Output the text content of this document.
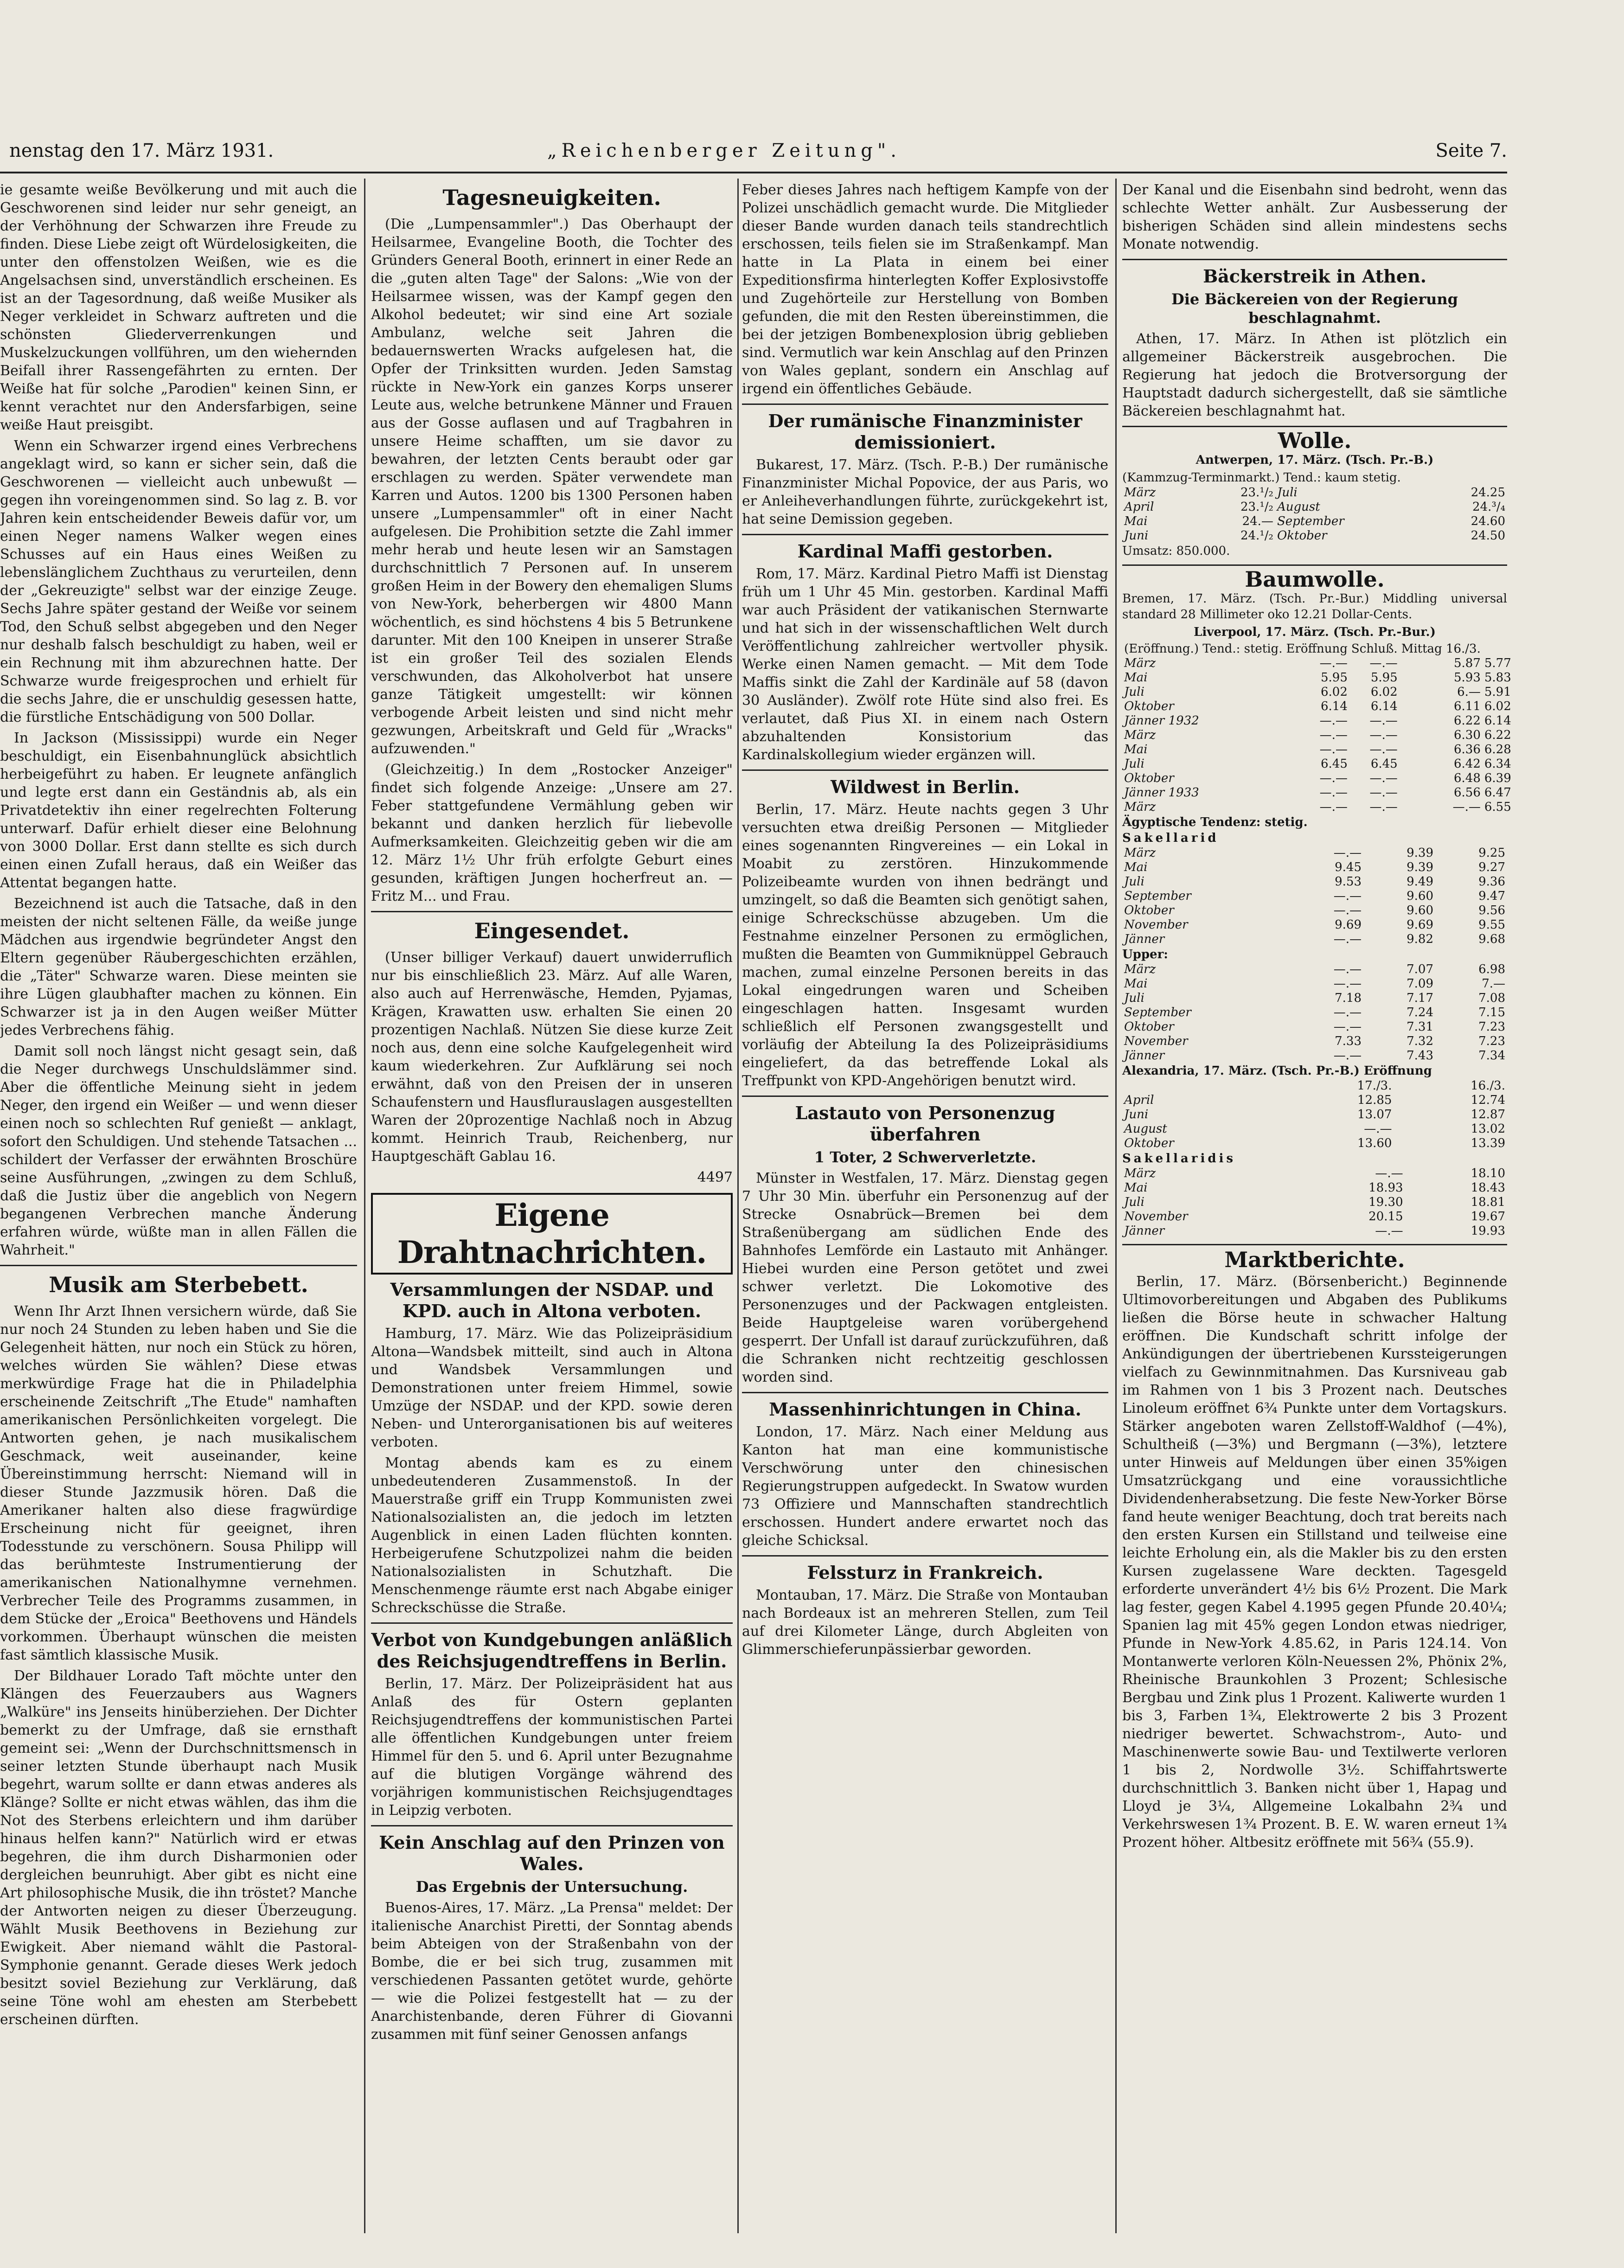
nenstag den 17. März 1931.	„Reichenberger Zeitung".	Seite 7.

ie gesamte weiße Bevölkerung und mit auch die Geschworenen sind leider nur sehr geneigt, an der Verhöhnung der Schwarzen ihre Freude zu finden. Diese Liebe zeigt oft Würdelosigkeiten, die unter den offenstolzen Weißen, wie es die Angelsachsen sind, unverständlich erscheinen. Es ist an der Tagesordnung, daß weiße Musiker als Neger verkleidet in Schwarz auftreten und die schönsten Gliederverrenkungen und Muskelzuckungen vollführen, um den wiehernden Beifall ihrer Rassengefährten zu ernten. Der Weiße hat für solche „Parodien" keinen Sinn, er kennt verachtet nur den Andersfarbigen, seine weiße Haut preisgibt.

Wenn ein Schwarzer irgend eines Verbrechens angeklagt wird, so kann er sicher sein, daß die Geschworenen — vielleicht auch unbewußt — gegen ihn voreingenommen sind. So lag z. B. vor Jahren kein entscheidender Beweis dafür vor, um einen Neger namens Walker wegen eines Schusses auf ein Haus eines Weißen zu lebenslänglichem Zuchthaus zu verurteilen, denn der „Gekreuzigte" selbst war der einzige Zeuge. Sechs Jahre später gestand der Weiße vor seinem Tod, den Schuß selbst abgegeben und den Neger nur deshalb falsch beschuldigt zu haben, weil er ein Rechnung mit ihm abzurechnen hatte. Der Schwarze wurde freigesprochen und erhielt für die sechs Jahre, die er unschuldig gesessen hatte, die fürstliche Entschädigung von 500 Dollar.

In Jackson (Mississippi) wurde ein Neger beschuldigt, ein Eisenbahnunglück absichtlich herbeigeführt zu haben. Er leugnete anfänglich und legte erst dann ein Geständnis ab, als ein Privatdetektiv ihn einer regelrechten Folterung unterwarf. Dafür erhielt dieser eine Belohnung von 3000 Dollar. Erst dann stellte es sich durch einen einen Zufall heraus, daß ein Weißer das Attentat begangen hatte.

Bezeichnend ist auch die Tatsache, daß in den meisten der nicht seltenen Fälle, da weiße junge Mädchen aus irgendwie begründeter Angst den Eltern gegenüber Räubergeschichten erzählen, die „Täter" Schwarze waren. Diese meinten sie ihre Lügen glaubhafter machen zu können. Ein Schwarzer ist ja in den Augen weißer Mütter jedes Verbrechens fähig.

Damit soll noch längst nicht gesagt sein, daß die Neger durchwegs Unschuldslämmer sind. Aber die öffentliche Meinung sieht in jedem Neger, den irgend ein Weißer — und wenn dieser einen noch so schlechten Ruf genießt — anklagt, sofort den Schuldigen. Und stehende Tatsachen ... schildert der Verfasser der erwähnten Broschüre seine Ausführungen, „zwingen zu dem Schluß, daß die Justiz über die angeblich von Negern begangenen Verbrechen manche Änderung erfahren würde, wüßte man in allen Fällen die Wahrheit."

Musik am Sterbebett.

Wenn Ihr Arzt Ihnen versichern würde, daß Sie nur noch 24 Stunden zu leben haben und Sie die Gelegenheit hätten, nur noch ein Stück zu hören, welches würden Sie wählen? Diese etwas merkwürdige Frage hat die in Philadelphia erscheinende Zeitschrift „The Etude" namhaften amerikanischen Persönlichkeiten vorgelegt. Die Antworten gehen, je nach musikalischem Geschmack, weit auseinander, keine Übereinstimmung herrscht: Niemand will in dieser Stunde Jazzmusik hören. Daß die Amerikaner halten also diese fragwürdige Erscheinung nicht für geeignet, ihren Todesstunde zu verschönern. Sousa Philipp will das berühmteste Instrumentierung der amerikanischen Nationalhymne vernehmen. Verbrecher Teile des Programms zusammen, in dem Stücke der „Eroica" Beethovens und Händels vorkommen. Überhaupt wünschen die meisten fast sämtlich klassische Musik.

Der Bildhauer Lorado Taft möchte unter den Klängen des Feuerzaubers aus Wagners „Walküre" ins Jenseits hinüberziehen. Der Dichter bemerkt zu der Umfrage, daß sie ernsthaft gemeint sei: „Wenn der Durchschnittsmensch in seiner letzten Stunde überhaupt nach Musik begehrt, warum sollte er dann etwas anderes als Klänge? Sollte er nicht etwas wählen, das ihm die Not des Sterbens erleichtern und ihm darüber hinaus helfen kann?" Natürlich wird er etwas begehren, die ihm durch Disharmonien oder dergleichen beunruhigt. Aber gibt es nicht eine Art philosophische Musik, die ihn tröstet? Manche der Antworten neigen zu dieser Überzeugung. Wählt Musik Beethovens in Beziehung zur Ewigkeit. Aber niemand wählt die Pastoral-Symphonie genannt. Gerade dieses Werk jedoch besitzt soviel Beziehung zur Verklärung, daß seine Töne wohl am ehesten am Sterbebett erscheinen dürften.

Tagesneuigkeiten.

(Die „Lumpensammler".) Das Oberhaupt der Heilsarmee, Evangeline Booth, die Tochter des Gründers General Booth, erinnert in einer Rede an die „guten alten Tage" der Salons: „Wie von der Heilsarmee wissen, was der Kampf gegen den Alkohol bedeutet; wir sind eine Art soziale Ambulanz, welche seit Jahren die bedauernswerten Wracks aufgelesen hat, die Opfer der Trinksitten wurden. Jeden Samstag rückte in New-York ein ganzes Korps unserer Leute aus, welche betrunkene Männer und Frauen aus der Gosse auflasen und auf Tragbahren in unsere Heime schafften, um sie davor zu bewahren, der letzten Cents beraubt oder gar erschlagen zu werden. Später verwendete man Karren und Autos. 1200 bis 1300 Personen haben unsere „Lumpensammler" oft in einer Nacht aufgelesen. Die Prohibition setzte die Zahl immer mehr herab und heute lesen wir an Samstagen durchschnittlich 7 Personen auf. In unserem großen Heim in der Bowery den ehemaligen Slums von New-York, beherbergen wir 4800 Mann wöchentlich, es sind höchstens 4 bis 5 Betrunkene darunter. Mit den 100 Kneipen in unserer Straße ist ein großer Teil des sozialen Elends verschwunden, das Alkoholverbot hat unsere ganze Tätigkeit umgestellt: wir können verbogende Arbeit leisten und sind nicht mehr gezwungen, Arbeitskraft und Geld für „Wracks" aufzuwenden."

(Gleichzeitig.) In dem „Rostocker Anzeiger" findet sich folgende Anzeige: „Unsere am 27. Feber stattgefundene Vermählung geben wir bekannt und danken herzlich für liebevolle Aufmerksamkeiten. Gleichzeitig geben wir die am 12. März 1½ Uhr früh erfolgte Geburt eines gesunden, kräftigen Jungen hocherfreut an. — Fritz M... und Frau.

Eingesendet.

(Unser billiger Verkauf) dauert unwiderruflich nur bis einschließlich 23. März. Auf alle Waren, also auch auf Herrenwäsche, Hemden, Pyjamas, Krägen, Krawatten usw. erhalten Sie einen 20 prozentigen Nachlaß. Nützen Sie diese kurze Zeit noch aus, denn eine solche Kaufgelegenheit wird kaum wiederkehren. Zur Aufklärung sei noch erwähnt, daß von den Preisen der in unseren Schaufenstern und Hausflurauslagen ausgestellten Waren der 20prozentige Nachlaß noch in Abzug kommt. Heinrich Traub, Reichenberg, nur Hauptgeschäft Gablau 16.

4497
Eigene Drahtnachrichten.
Versammlungen der NSDAP. und KPD. auch in Altona verboten.

Hamburg, 17. März. Wie das Polizeipräsidium Altona—Wandsbek mitteilt, sind auch in Altona und Wandsbek Versammlungen und Demonstrationen unter freiem Himmel, sowie Umzüge der NSDAP. und der KPD. sowie deren Neben- und Unterorganisationen bis auf weiteres verboten.

Montag abends kam es zu einem unbedeutenderen Zusammenstoß. In der Mauerstraße griff ein Trupp Kommunisten zwei Nationalsozialisten an, die jedoch im letzten Augenblick in einen Laden flüchten konnten. Herbeigerufene Schutzpolizei nahm die beiden Nationalsozialisten in Schutzhaft. Die Menschenmenge räumte erst nach Abgabe einiger Schreckschüsse die Straße.

Verbot von Kundgebungen anläßlich des Reichsjugendtreffens in Berlin.

Berlin, 17. März. Der Polizeipräsident hat aus Anlaß des für Ostern geplanten Reichsjugendtreffens der kommunistischen Partei alle öffentlichen Kundgebungen unter freiem Himmel für den 5. und 6. April unter Bezugnahme auf die blutigen Vorgänge während des vorjährigen kommunistischen Reichsjugendtages in Leipzig verboten.

Kein Anschlag auf den Prinzen von Wales.
Das Ergebnis der Untersuchung.

Buenos-Aires, 17. März. „La Prensa" meldet: Der italienische Anarchist Piretti, der Sonntag abends beim Abteigen von der Straßenbahn von der Bombe, die er bei sich trug, zusammen mit verschiedenen Passanten getötet wurde, gehörte — wie die Polizei festgestellt hat — zu der Anarchistenbande, deren Führer di Giovanni zusammen mit fünf seiner Genossen anfangs

Feber dieses Jahres nach heftigem Kampfe von der Polizei unschädlich gemacht wurde. Die Mitglieder dieser Bande wurden danach teils standrechtlich erschossen, teils fielen sie im Straßenkampf. Man hatte in La Plata in einem bei einer Expeditionsfirma hinterlegten Koffer Explosivstoffe und Zugehörteile zur Herstellung von Bomben gefunden, die mit den Resten übereinstimmen, die bei der jetzigen Bombenexplosion übrig geblieben sind. Vermutlich war kein Anschlag auf den Prinzen von Wales geplant, sondern ein Anschlag auf irgend ein öffentliches Gebäude.

Der rumänische Finanzminister demissioniert.

Bukarest, 17. März. (Tsch. P.-B.) Der rumänische Finanzminister Michal Popovice, der aus Paris, wo er Anleiheverhandlungen führte, zurückgekehrt ist, hat seine Demission gegeben.

Kardinal Maffi gestorben.

Rom, 17. März. Kardinal Pietro Maffi ist Dienstag früh um 1 Uhr 45 Min. gestorben. Kardinal Maffi war auch Präsident der vatikanischen Sternwarte und hat sich in der wissenschaftlichen Welt durch Veröffentlichung zahlreicher wertvoller physik. Werke einen Namen gemacht. — Mit dem Tode Maffis sinkt die Zahl der Kardinäle auf 58 (davon 30 Ausländer). Zwölf rote Hüte sind also frei. Es verlautet, daß Pius XI. in einem nach Ostern abzuhaltenden Konsistorium das Kardinalskollegium wieder ergänzen will.

Wildwest in Berlin.

Berlin, 17. März. Heute nachts gegen 3 Uhr versuchten etwa dreißig Personen — Mitglieder eines sogenannten Ringvereines — ein Lokal in Moabit zu zerstören. Hinzukommende Polizeibeamte wurden von ihnen bedrängt und umzingelt, so daß die Beamten sich genötigt sahen, einige Schreckschüsse abzugeben. Um die Festnahme einzelner Personen zu ermöglichen, mußten die Beamten von Gummiknüppel Gebrauch machen, zumal einzelne Personen bereits in das Lokal eingedrungen waren und Scheiben eingeschlagen hatten. Insgesamt wurden schließlich elf Personen zwangsgestellt und vorläufig der Abteilung Ia des Polizeipräsidiums eingeliefert, da das betreffende Lokal als Treffpunkt von KPD-Angehörigen benutzt wird.

Lastauto von Personenzug überfahren
1 Toter, 2 Schwerverletzte.

Münster in Westfalen, 17. März. Dienstag gegen 7 Uhr 30 Min. überfuhr ein Personenzug auf der Strecke Osnabrück—Bremen bei dem Straßenübergang am südlichen Ende des Bahnhofes Lemförde ein Lastauto mit Anhänger. Hiebei wurden eine Person getötet und zwei schwer verletzt. Die Lokomotive des Personenzuges und der Packwagen entgleisten. Beide Hauptgeleise waren vorübergehend gesperrt. Der Unfall ist darauf zurückzuführen, daß die Schranken nicht rechtzeitig geschlossen worden sind.

Massenhinrichtungen in China.

London, 17. März. Nach einer Meldung aus Kanton hat man eine kommunistische Verschwörung unter den chinesischen Regierungstruppen aufgedeckt. In Swatow wurden 73 Offiziere und Mannschaften standrechtlich erschossen. Hundert andere erwartet noch das gleiche Schicksal.

Felssturz in Frankreich.

Montauban, 17. März. Die Straße von Montauban nach Bordeaux ist an mehreren Stellen, zum Teil auf drei Kilometer Länge, durch Abgleiten von Glimmerschieferunpässierbar geworden.

Der Kanal und die Eisenbahn sind bedroht, wenn das schlechte Wetter anhält. Zur Ausbesserung der bisherigen Schäden sind allein mindestens sechs Monate notwendig.

Bäckerstreik in Athen.
Die Bäckereien von der Regierung beschlagnahmt.

Athen, 17. März. In Athen ist plötzlich ein allgemeiner Bäckerstreik ausgebrochen. Die Regierung hat jedoch die Brotversorgung der Hauptstadt dadurch sichergestellt, daß sie sämtliche Bäckereien beschlagnahmt hat.

Wolle.
Antwerpen, 17. März. (Tsch. Pr.-B.)
(Kammzug-Terminmarkt.) Tend.: kaum stetig.
März	23.¹/₂	Juli	24.25
April	23.¹/₂	August	24.³/₄
Mai	24.—	September	24.60
Juni	24.¹/₂	Oktober	24.50
Umsatz: 850.000.
Baumwolle.
Bremen, 17. März. (Tsch. Pr.-Bur.) Middling universal standard 28 Millimeter oko 12.21 Dollar-Cents.
Liverpool, 17. März. (Tsch. Pr.-Bur.)
(Eröffnung.) Tend.: stetig.	Eröffnung	Schluß.	Mittag 16./3.	
März	—.—	—.—	5.87	5.77
Mai	5.95	5.95	5.93	5.83
Juli	6.02	6.02	6.—	5.91
Oktober	6.14	6.14	6.11	6.02
Jänner 1932	—.—	—.—	6.22	6.14
März	—.—	—.—	6.30	6.22
Mai	—.—	—.—	6.36	6.28
Juli	6.45	6.45	6.42	6.34
Oktober	—.—	—.—	6.48	6.39
Jänner 1933	—.—	—.—	6.56	6.47
März	—.—	—.—	—.—	6.55
Ägyptische Tendenz: stetig.
Sakellarid
März	—.—	9.39	9.25
Mai	9.45	9.39	9.27
Juli	9.53	9.49	9.36
September	—.—	9.60	9.47
Oktober	—.—	9.60	9.56
November	9.69	9.69	9.55
Jänner	—.—	9.82	9.68
Upper:
März	—.—	7.07	6.98
Mai	—.—	7.09	7.—
Juli	7.18	7.17	7.08
September	—.—	7.24	7.15
Oktober	—.—	7.31	7.23
November	7.33	7.32	7.23
Jänner	—.—	7.43	7.34
Alexandria, 17. März. (Tsch. Pr.-B.) Eröffnung
	17./3.	16./3.
April	12.85	12.74
Juni	13.07	12.87
August	—.—	13.02
Oktober	13.60	13.39
Sakellaridis
März	—.—	18.10
Mai	18.93	18.43
Juli	19.30	18.81
November	20.15	19.67
Jänner	—.—	19.93
Marktberichte.

Berlin, 17. März. (Börsenbericht.) Beginnende Ultimovorbereitungen und Abgaben des Publikums ließen die Börse heute in schwacher Haltung eröffnen. Die Kundschaft schritt infolge der Ankündigungen der übertriebenen Kurssteigerungen vielfach zu Gewinnmitnahmen. Das Kursniveau gab im Rahmen von 1 bis 3 Prozent nach. Deutsches Linoleum eröffnet 6¾ Punkte unter dem Vortagskurs. Stärker angeboten waren Zellstoff-Waldhof (—4%), Schultheiß (—3%) und Bergmann (—3%), letztere unter Hinweis auf Meldungen über einen 35%igen Umsatzrückgang und eine voraussichtliche Dividendenherabsetzung. Die feste New-Yorker Börse fand heute weniger Beachtung, doch trat bereits nach den ersten Kursen ein Stillstand und teilweise eine leichte Erholung ein, als die Makler bis zu den ersten Kursen zugelassene Ware deckten. Tagesgeld erforderte unverändert 4½ bis 6½ Prozent. Die Mark lag fester, gegen Kabel 4.1995 gegen Pfunde 20.40¼; Spanien lag mit 45% gegen London etwas niedriger, Pfunde in New-York 4.85.62, in Paris 124.14. Von Montanwerte verloren Köln-Neuessen 2%, Phönix 2%, Rheinische Braunkohlen 3 Prozent; Schlesische Bergbau und Zink plus 1 Prozent. Kaliwerte wurden 1 bis 3, Farben 1¾, Elektrowerte 2 bis 3 Prozent niedriger bewertet. Schwachstrom-, Auto- und Maschinenwerte sowie Bau- und Textilwerte verloren 1 bis 2, Nordwolle 3½. Schiffahrtswerte durchschnittlich 3. Banken nicht über 1, Hapag und Lloyd je 3¼, Allgemeine Lokalbahn 2¾ und Verkehrswesen 1¾ Prozent. B. E. W. waren erneut 1¾ Prozent höher. Altbesitz eröffnete mit 56¾ (55.9).
